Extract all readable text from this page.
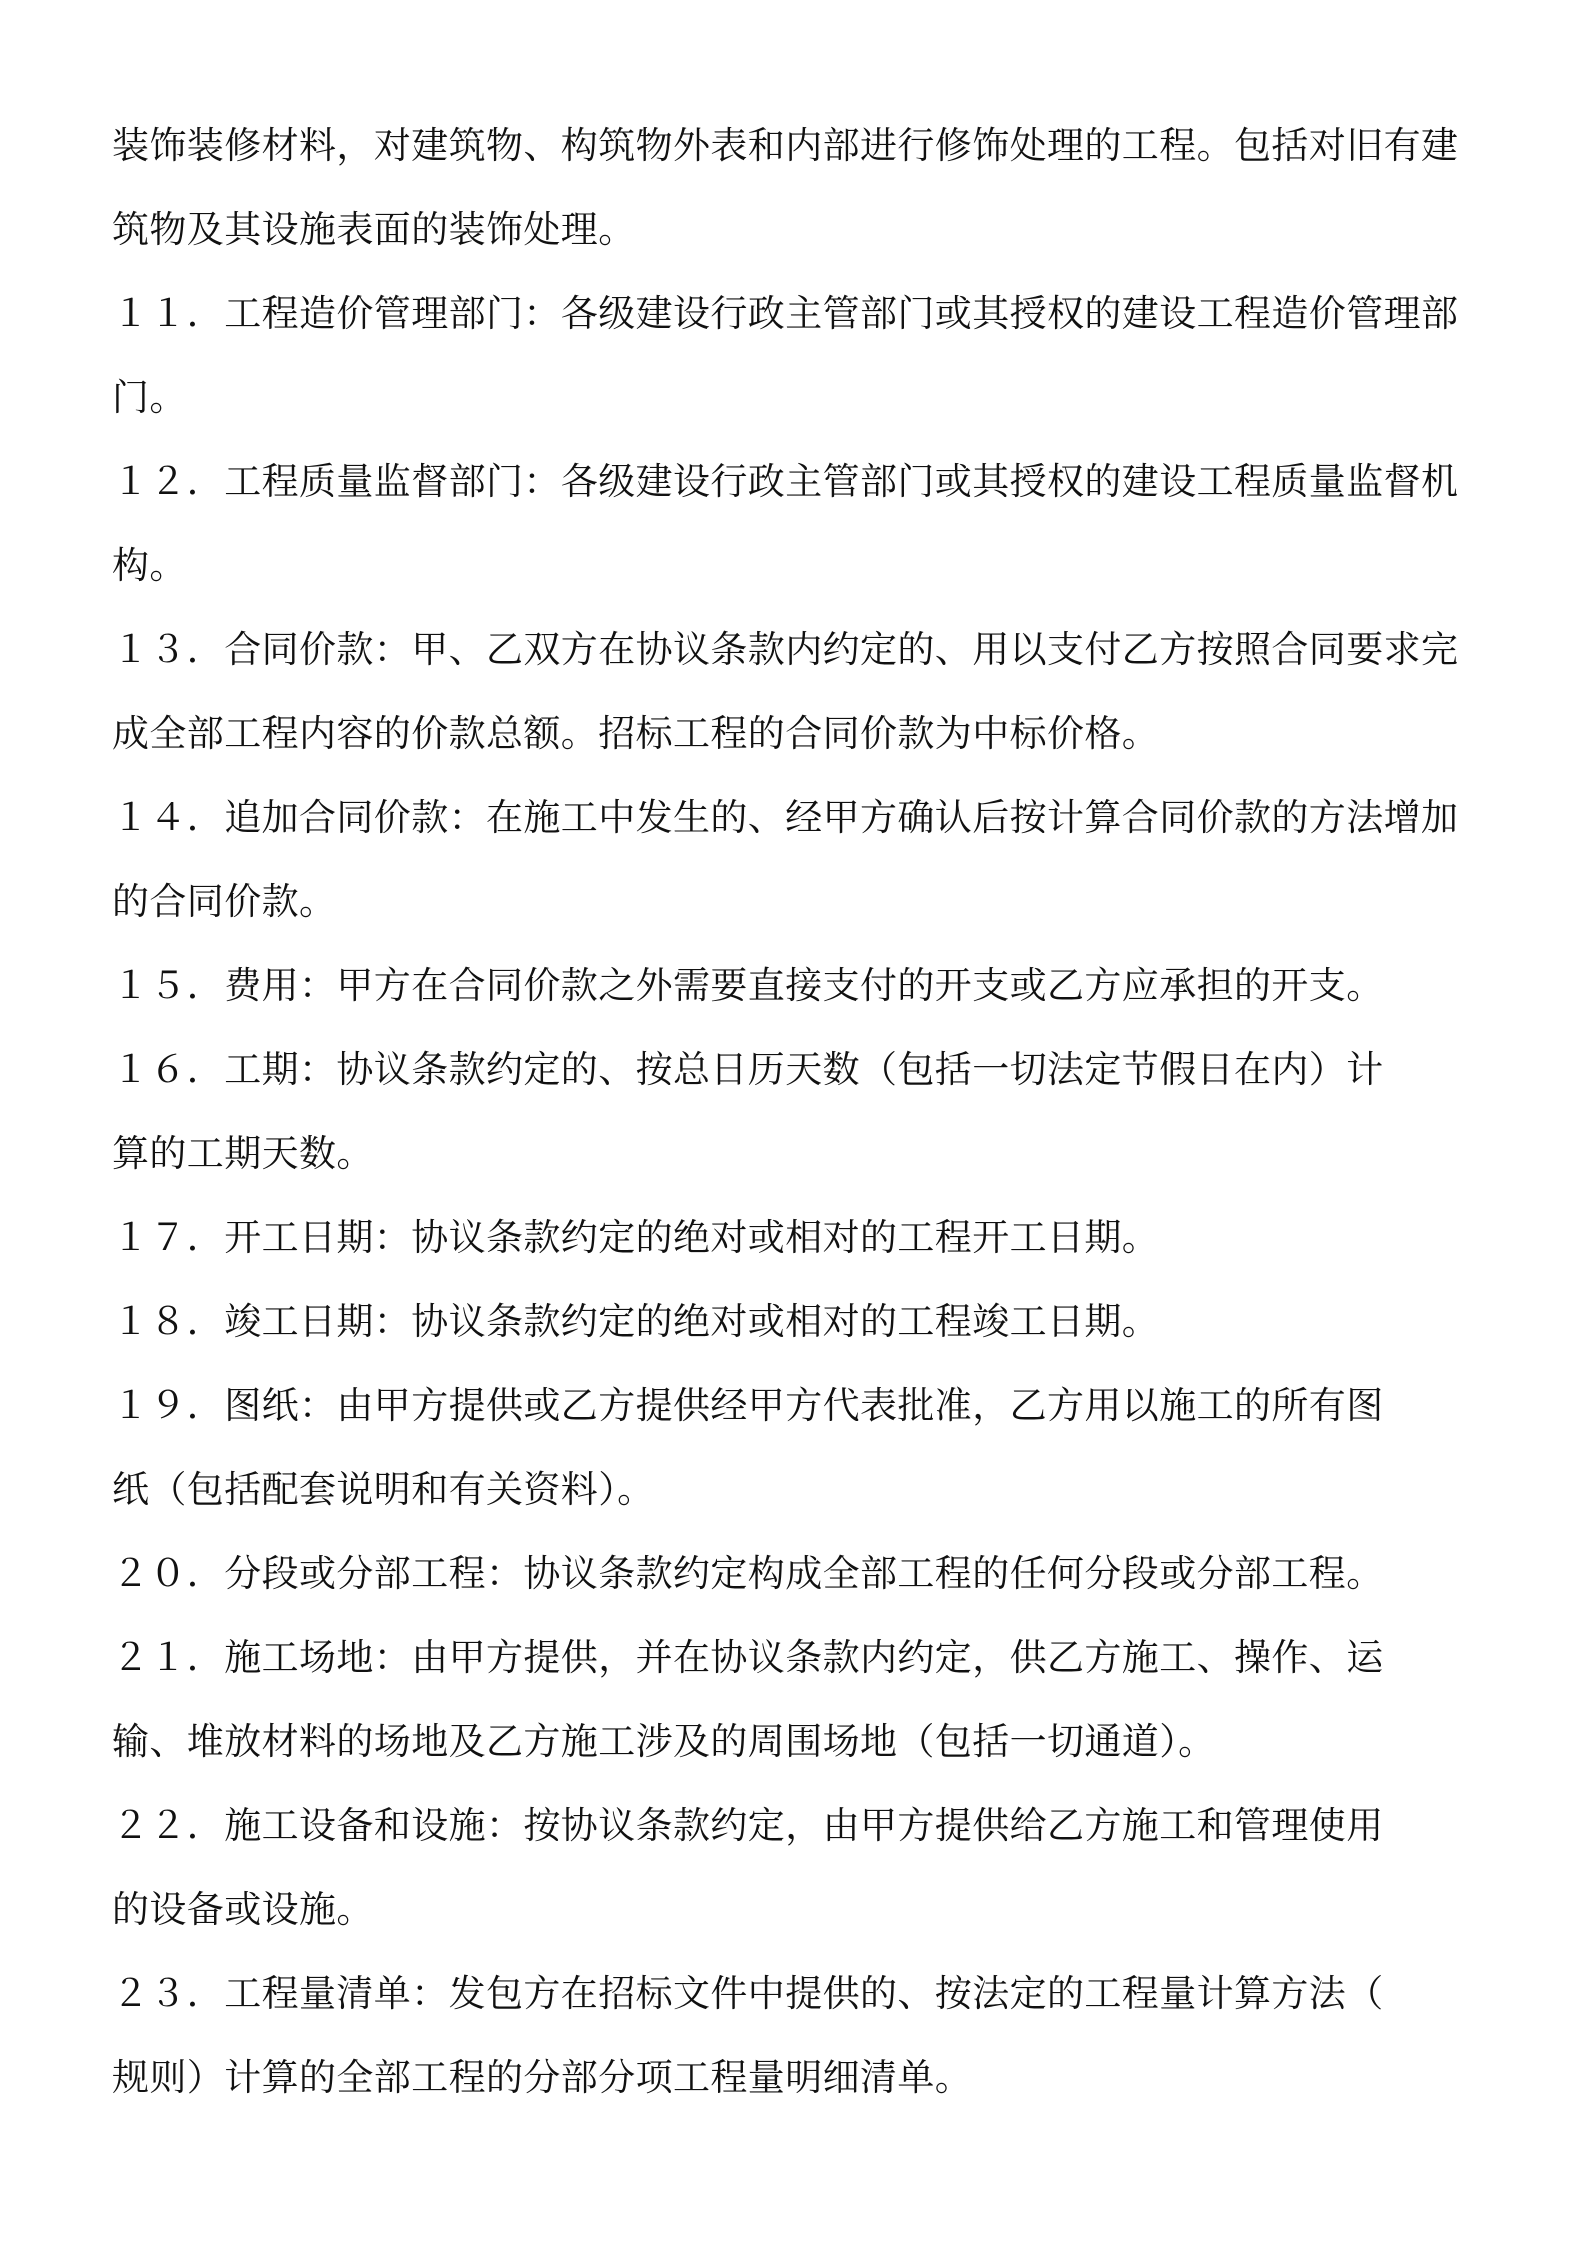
装饰装修材料，对建筑物、构筑物外表和内部进行修饰处理的工程。包括对旧有建

筑物及其设施表面的装饰处理。

１１．工程造价管理部门：各级建设行政主管部门或其授权的建设工程造价管理部

门。

１２．工程质量监督部门：各级建设行政主管部门或其授权的建设工程质量监督机

构。

１３．合同价款：甲、乙双方在协议条款内约定的、用以支付乙方按照合同要求完

成全部工程内容的价款总额。招标工程的合同价款为中标价格。

１４．追加合同价款：在施工中发生的、经甲方确认后按计算合同价款的方法增加

的合同价款。

１５．费用：甲方在合同价款之外需要直接支付的开支或乙方应承担的开支。

１６．工期：协议条款约定的、按总日历天数（包括一切法定节假日在内）计

算的工期天数。

１７．开工日期：协议条款约定的绝对或相对的工程开工日期。

１８．竣工日期：协议条款约定的绝对或相对的工程竣工日期。

１９．图纸：由甲方提供或乙方提供经甲方代表批准，乙方用以施工的所有图

纸（包括配套说明和有关资料）。

２０．分段或分部工程：协议条款约定构成全部工程的任何分段或分部工程。

２１．施工场地：由甲方提供，并在协议条款内约定，供乙方施工、操作、运

输、堆放材料的场地及乙方施工涉及的周围场地（包括一切通道）。

２２．施工设备和设施：按协议条款约定，由甲方提供给乙方施工和管理使用

的设备或设施。

２３．工程量清单：发包方在招标文件中提供的、按法定的工程量计算方法（

规则）计算的全部工程的分部分项工程量明细清单。
